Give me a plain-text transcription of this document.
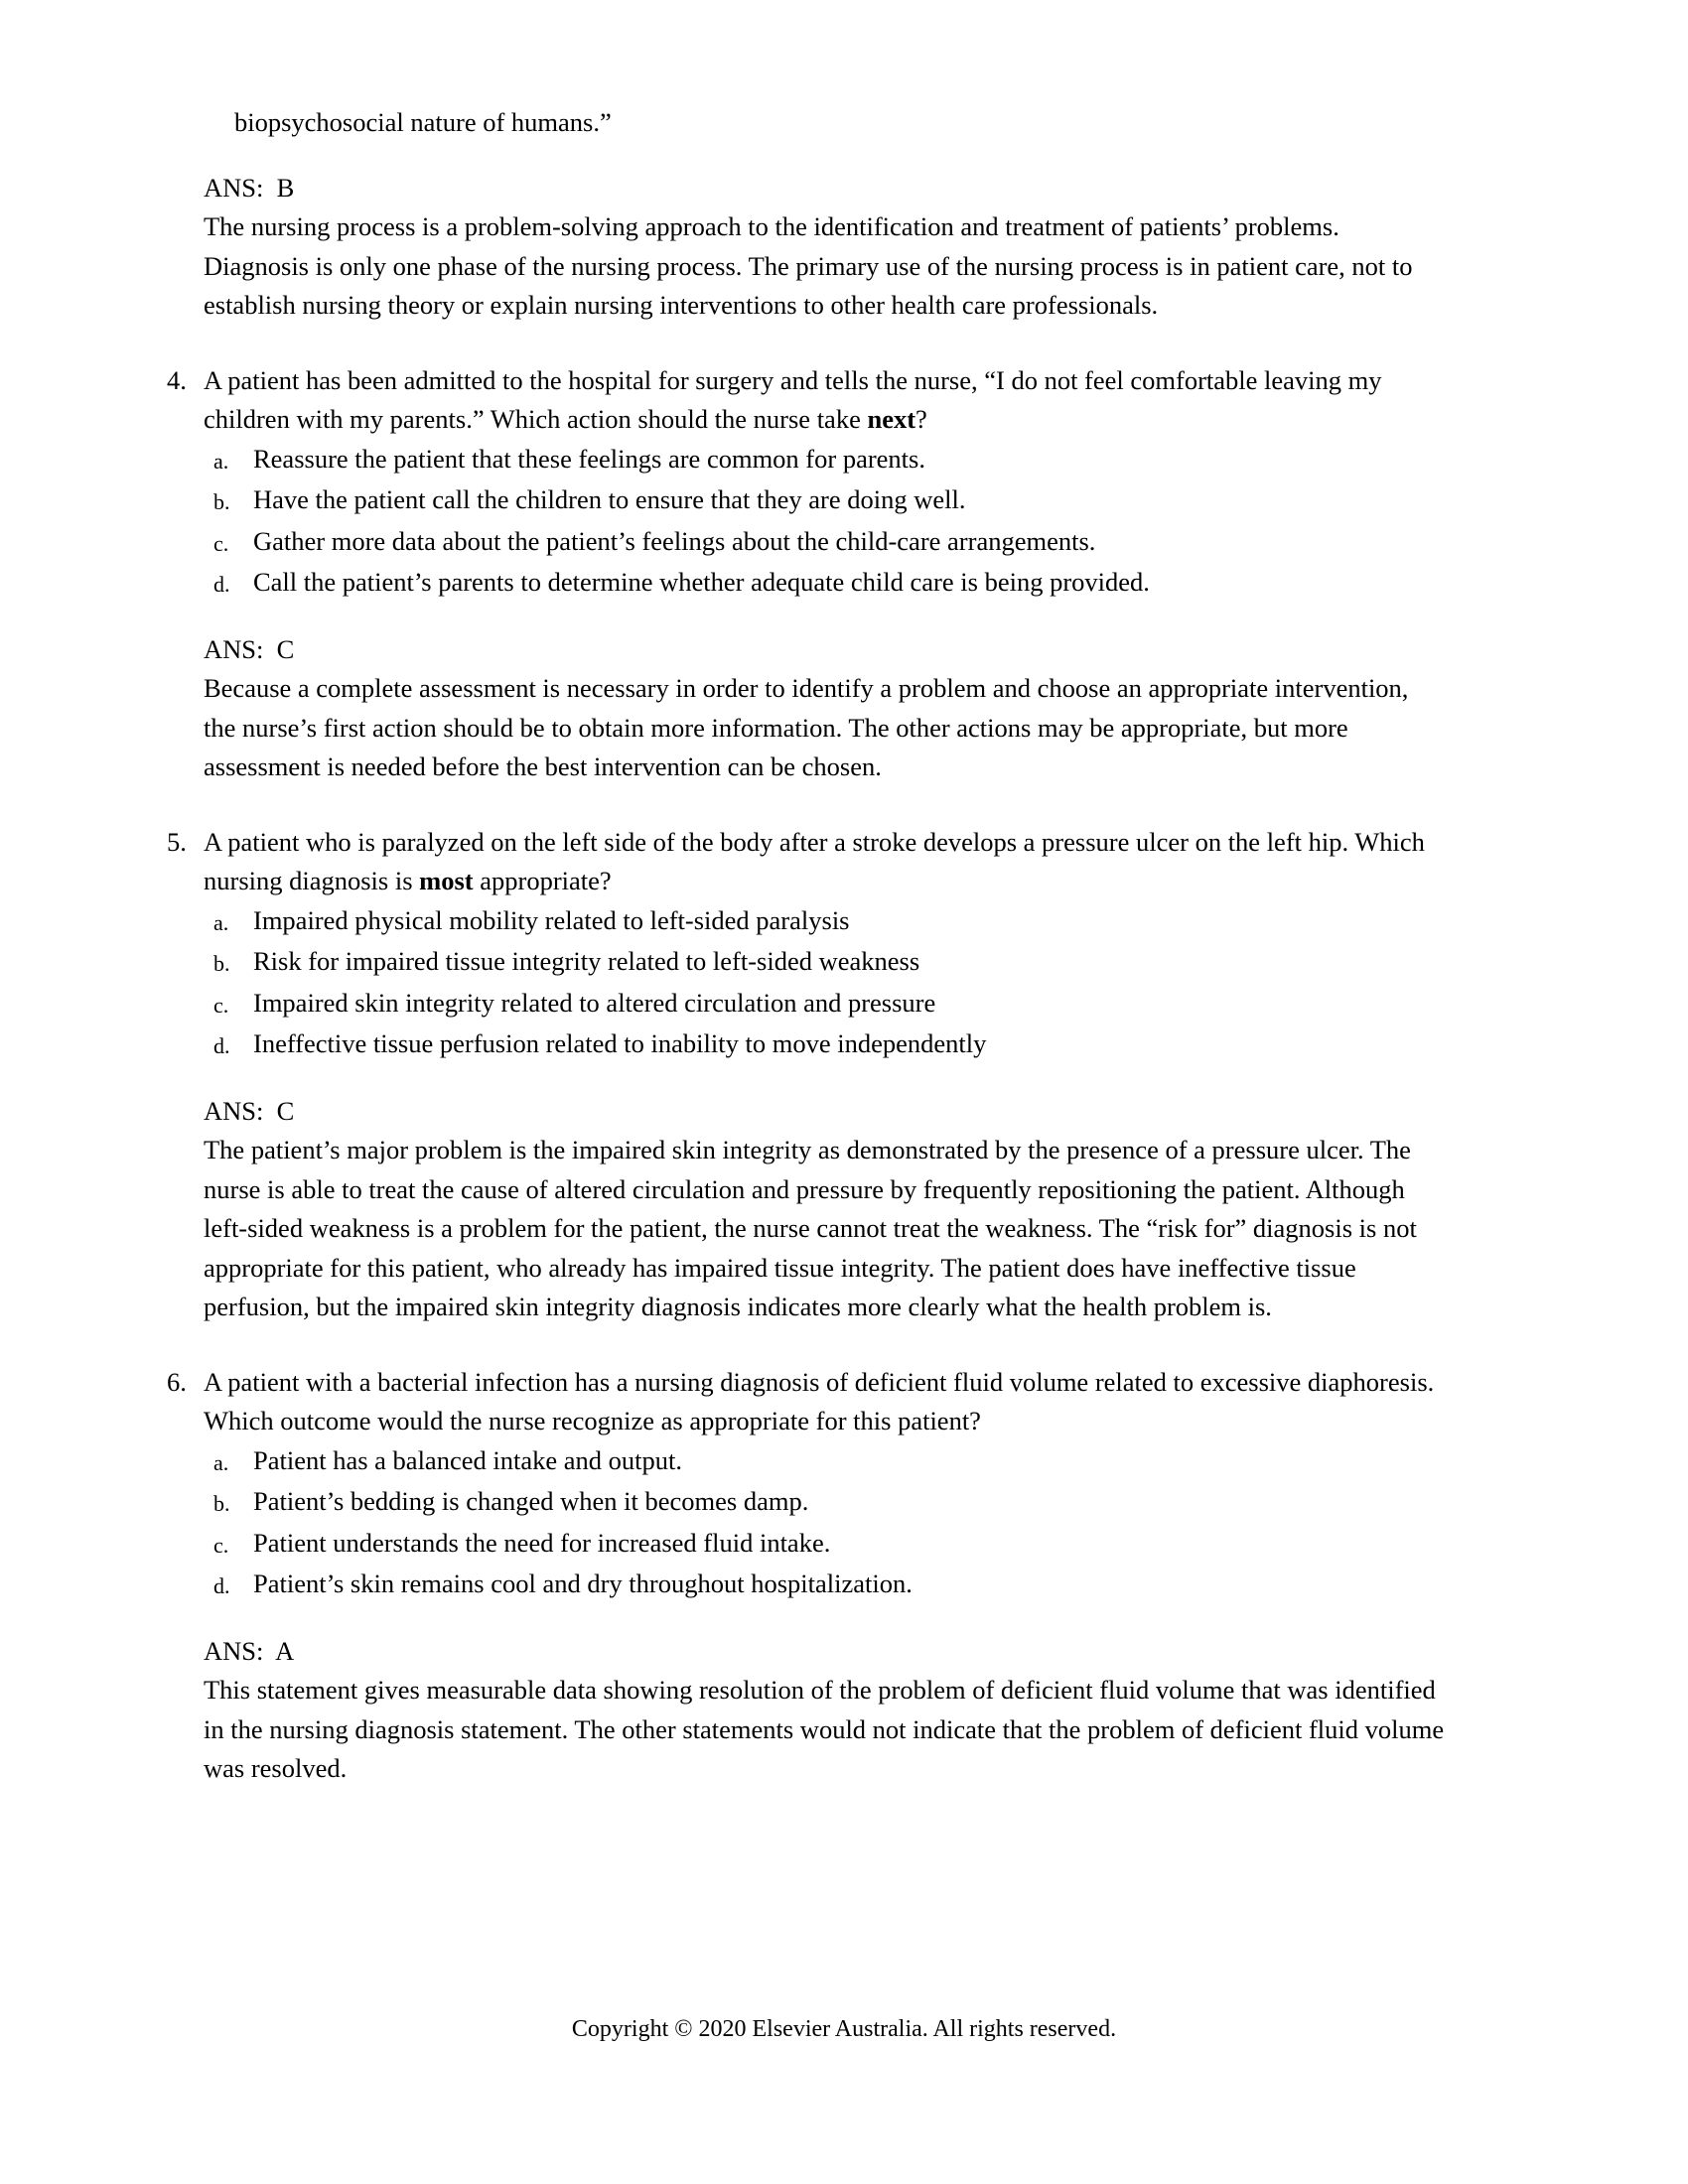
biopsychosocial nature of humans.”
ANS:  B
The nursing process is a problem-solving approach to the identification and treatment of patients’ problems. Diagnosis is only one phase of the nursing process. The primary use of the nursing process is in patient care, not to establish nursing theory or explain nursing interventions to other health care professionals.
4. A patient has been admitted to the hospital for surgery and tells the nurse, “I do not feel comfortable leaving my children with my parents.” Which action should the nurse take next?
a. Reassure the patient that these feelings are common for parents.
b. Have the patient call the children to ensure that they are doing well.
c. Gather more data about the patient’s feelings about the child-care arrangements.
d. Call the patient’s parents to determine whether adequate child care is being provided.
ANS:  C
Because a complete assessment is necessary in order to identify a problem and choose an appropriate intervention, the nurse’s first action should be to obtain more information. The other actions may be appropriate, but more assessment is needed before the best intervention can be chosen.
5. A patient who is paralyzed on the left side of the body after a stroke develops a pressure ulcer on the left hip. Which nursing diagnosis is most appropriate?
a. Impaired physical mobility related to left-sided paralysis
b. Risk for impaired tissue integrity related to left-sided weakness
c. Impaired skin integrity related to altered circulation and pressure
d. Ineffective tissue perfusion related to inability to move independently
ANS:  C
The patient’s major problem is the impaired skin integrity as demonstrated by the presence of a pressure ulcer. The nurse is able to treat the cause of altered circulation and pressure by frequently repositioning the patient. Although left-sided weakness is a problem for the patient, the nurse cannot treat the weakness. The “risk for” diagnosis is not appropriate for this patient, who already has impaired tissue integrity. The patient does have ineffective tissue perfusion, but the impaired skin integrity diagnosis indicates more clearly what the health problem is.
6. A patient with a bacterial infection has a nursing diagnosis of deficient fluid volume related to excessive diaphoresis. Which outcome would the nurse recognize as appropriate for this patient?
a. Patient has a balanced intake and output.
b. Patient’s bedding is changed when it becomes damp.
c. Patient understands the need for increased fluid intake.
d. Patient’s skin remains cool and dry throughout hospitalization.
ANS:  A
This statement gives measurable data showing resolution of the problem of deficient fluid volume that was identified in the nursing diagnosis statement. The other statements would not indicate that the problem of deficient fluid volume was resolved.
Copyright © 2020 Elsevier Australia. All rights reserved.
